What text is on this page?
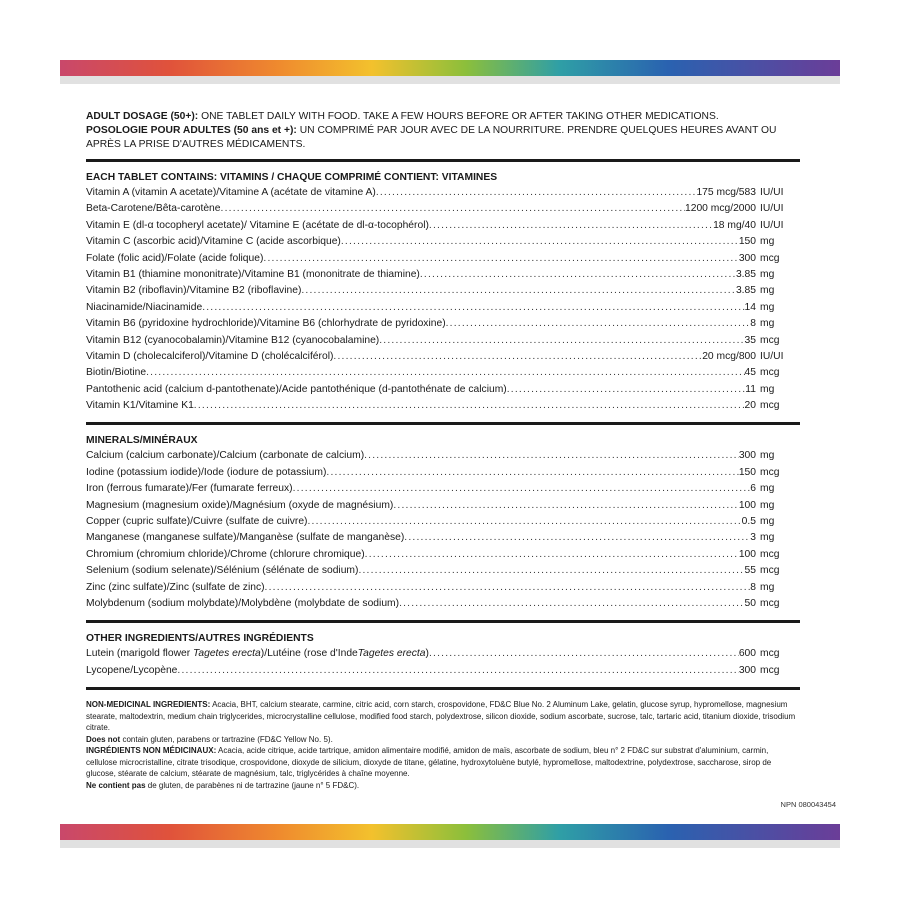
ADULT DOSAGE (50+): ONE TABLET DAILY WITH FOOD. TAKE A FEW HOURS BEFORE OR AFTER TAKING OTHER MEDICATIONS.

POSOLOGIE POUR ADULTES (50 ans et +): UN COMPRIMÉ PAR JOUR AVEC DE LA NOURRITURE. PRENDRE QUELQUES HEURES AVANT OU APRÈS LA PRISE D'AUTRES MÉDICAMENTS.

EACH TABLET CONTAINS: VITAMINS / CHAQUE COMPRIMÉ CONTIENT: VITAMINES
Vitamin A (vitamin A acetate)/Vitamine A (acétate de vitamine A) .....	175 mcg/583 IU/UI
Beta-Carotene/Bêta-carotène .....	1200 mcg/2000 IU/UI
Vitamin E (dl-α tocopheryl acetate)/ Vitamine E (acétate de dl-α-tocophérol) .....	18 mg/40 IU/UI
Vitamin C (ascorbic acid)/Vitamine C (acide ascorbique) .....	150 mg
Folate (folic acid)/Folate (acide folique) .....	300 mcg
Vitamin B1 (thiamine mononitrate)/Vitamine B1 (mononitrate de thiamine) .....	3.85 mg
Vitamin B2 (riboflavin)/Vitamine B2 (riboflavine) .....	3.85 mg
Niacinamide/Niacinamide .....	14 mg
Vitamin B6 (pyridoxine hydrochloride)/Vitamine B6 (chlorhydrate de pyridoxine) .....	8 mg
Vitamin B12 (cyanocobalamin)/Vitamine B12 (cyanocobalamine) .....	35 mcg
Vitamin D (cholecalciferol)/Vitamine D (cholécalciférol) .....	20 mcg/800 IU/UI
Biotin/Biotine .....	45 mcg
Pantothenic acid (calcium d-pantothenate)/Acide pantothénique (d-pantothénate de calcium) .....	11 mg
Vitamin K1/Vitamine K1 .....	20 mcg
MINERALS/MINÉRAUX
Calcium (calcium carbonate)/Calcium (carbonate de calcium) .....	300 mg
Iodine (potassium iodide)/Iode (iodure de potassium) .....	150 mcg
Iron (ferrous fumarate)/Fer (fumarate ferreux) .....	6 mg
Magnesium (magnesium oxide)/Magnésium (oxyde de magnésium) .....	100 mg
Copper (cupric sulfate)/Cuivre (sulfate de cuivre) .....	0.5 mg
Manganese (manganese sulfate)/Manganèse (sulfate de manganèse) .....	3 mg
Chromium (chromium chloride)/Chrome (chlorure chromique) .....	100 mcg
Selenium (sodium selenate)/Sélénium (sélénate de sodium) .....	55 mcg
Zinc (zinc sulfate)/Zinc (sulfate de zinc) .....	8 mg
Molybdenum (sodium molybdate)/Molybdène (molybdate de sodium) .....	50 mcg
OTHER INGREDIENTS/AUTRES INGRÉDIENTS
Lutein (marigold flower Tagetes erecta)/Lutéine (rose d'IndeTagetes erecta) .....	600 mcg
Lycopene/Lycopène .....	300 mcg

NON-MEDICINAL INGREDIENTS: Acacia, BHT, calcium stearate, carmine, citric acid, corn starch, crospovidone, FD&C Blue No. 2 Aluminum Lake, gelatin, glucose syrup, hypromellose, magnesium stearate, maltodextrin, medium chain triglycerides, microcrystalline cellulose, modified food starch, polydextrose, silicon dioxide, sodium ascorbate, sucrose, talc, tartaric acid, titanium dioxide, trisodium citrate.

Does not contain gluten, parabens or tartrazine (FD&C Yellow No. 5).

INGRÉDIENTS NON MÉDICINAUX: Acacia, acide citrique, acide tartrique, amidon alimentaire modifié, amidon de maïs, ascorbate de sodium, bleu n° 2 FD&C sur substrat d'aluminium, carmin, cellulose microcristalline, citrate trisodique, crospovidone, dioxyde de silicium, dioxyde de titane, gélatine, hydroxytoluène butylé, hypromellose, maltodextrine, polydextrose, saccharose, sirop de glucose, stéarate de calcium, stéarate de magnésium, talc, triglycérides à chaîne moyenne.

Ne contient pas de gluten, de parabènes ni de tartrazine (jaune n° 5 FD&C).

NPN 080043454
